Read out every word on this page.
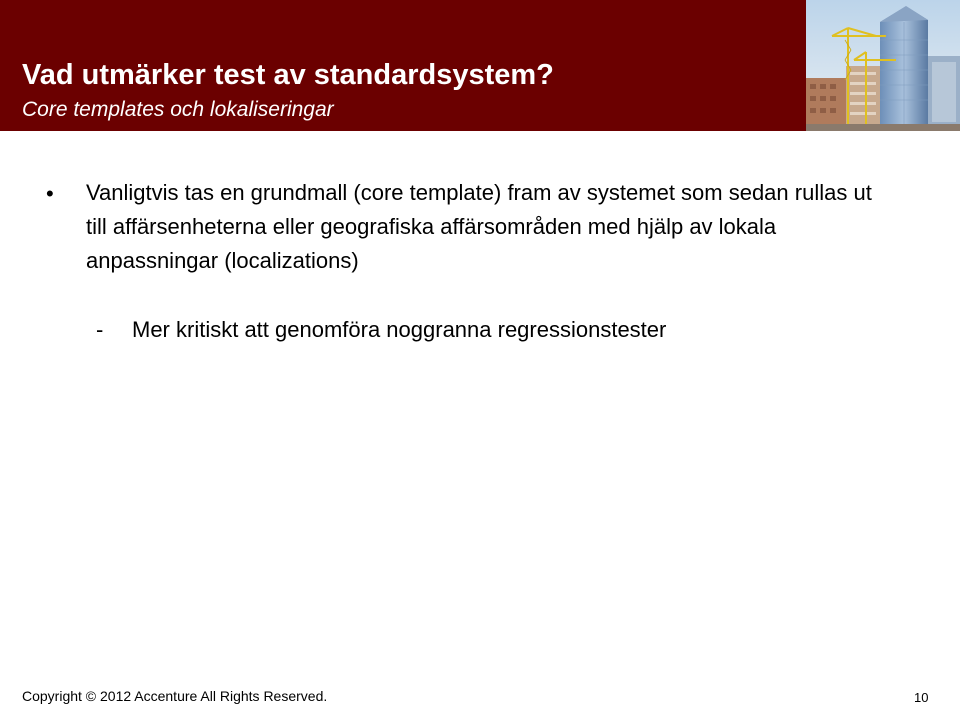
Vad utmärker test av standardsystem?
Core templates och lokaliseringar
• Vanligtvis tas en grundmall (core template) fram av systemet som sedan rullas ut till affärsenheterna eller geografiska affärsområden med hjälp av lokala anpassningar (localizations)
- Mer kritiskt att genomföra noggranna regressionstester
Copyright © 2012 Accenture All Rights Reserved.	10
